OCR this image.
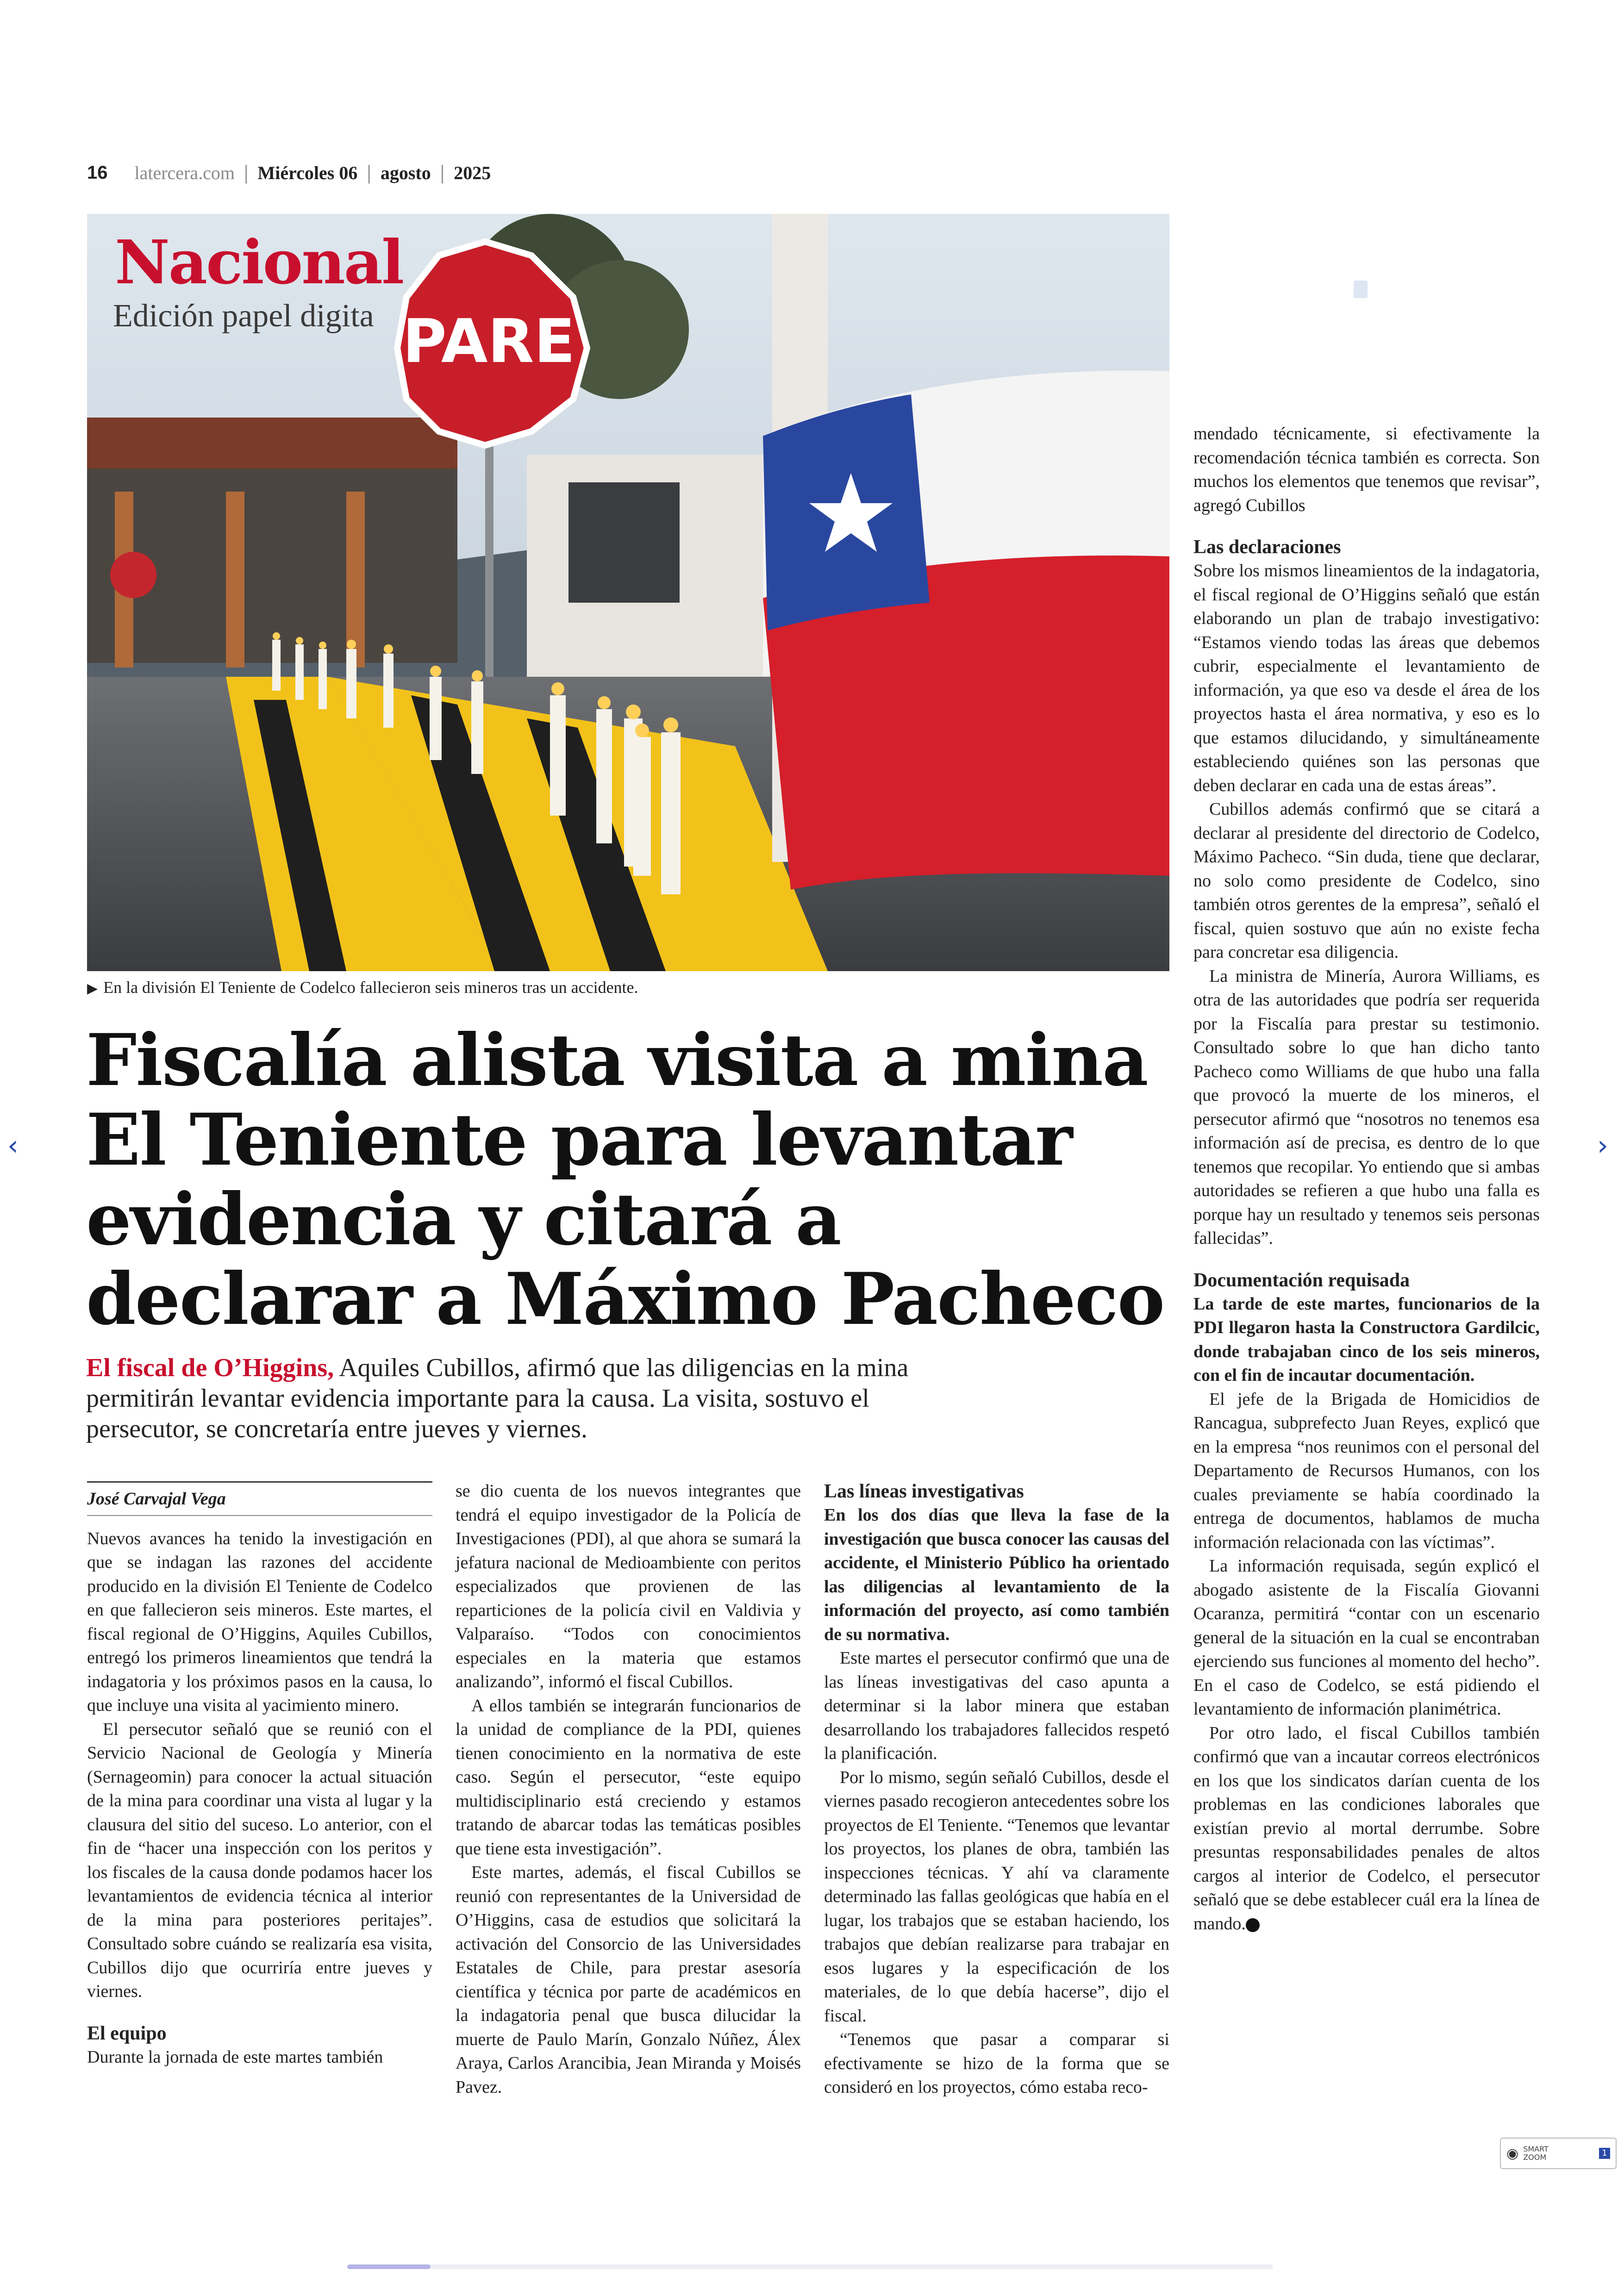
16 latercera.com | Miércoles 06 | agosto | 2025
PARE
Nacional
Edición papel digita
▶ En la división El Teniente de Codelco fallecieron seis mineros tras un accidente.
Fiscalía alista visita a mina
El Teniente para levantar
evidencia y citará a
declarar a Máximo Pacheco
El fiscal de O’Higgins, Aquiles Cubillos, afirmó que las diligencias en la mina permitirán levantar evidencia importante para la causa. La visita, sostuvo el persecutor, se concretaría entre jueves y viernes.
José Carvajal Vega

Nuevos avances ha tenido la investigación en que se indagan las razones del accidente producido en la división El Teniente de Codelco en que fallecieron seis mineros. Este martes, el fiscal regional de O’Higgins, Aquiles Cubillos, entregó los primeros lineamientos que tendrá la indagatoria y los próximos pasos en la causa, lo que incluye una visita al yacimiento minero.

El persecutor señaló que se reunió con el Servicio Nacional de Geología y Minería (Sernageomin) para conocer la actual situación de la mina para coordinar una vista al lugar y la clausura del sitio del suceso. Lo anterior, con el fin de “hacer una inspección con los peritos y los fiscales de la causa donde podamos hacer los levantamientos de evidencia técnica al interior de la mina para posteriores peritajes”. Consultado sobre cuándo se realizaría esa visita, Cubillos dijo que ocurriría entre jueves y viernes.

El equipo

Durante la jornada de este martes también

se dio cuenta de los nuevos integrantes que tendrá el equipo investigador de la Policía de Investigaciones (PDI), al que ahora se sumará la jefatura nacional de Medioambiente con peritos especializados que provienen de las reparticiones de la policía civil en Valdivia y Valparaíso. “Todos con conocimientos especiales en la materia que estamos analizando”, informó el fiscal Cubillos.

A ellos también se integrarán funcionarios de la unidad de compliance de la PDI, quienes tienen conocimiento en la normativa de este caso. Según el persecutor, “este equipo multidisciplinario está creciendo y estamos tratando de abarcar todas las temáticas posibles que tiene esta investigación”.

Este martes, además, el fiscal Cubillos se reunió con representantes de la Universidad de O’Higgins, casa de estudios que solicitará la activación del Consorcio de las Universidades Estatales de Chile, para prestar asesoría científica y técnica por parte de académicos en la indagatoria penal que busca dilucidar la muerte de Paulo Marín, Gonzalo Núñez, Álex Araya, Carlos Arancibia, Jean Miranda y Moisés Pavez.

Las líneas investigativas

En los dos días que lleva la fase de la investigación que busca conocer las causas del accidente, el Ministerio Público ha orientado las diligencias al levantamiento de la información del proyecto, así como también de su normativa.

Este martes el persecutor confirmó que una de las líneas investigativas del caso apunta a determinar si la labor minera que estaban desarrollando los trabajadores fallecidos respetó la planificación.

Por lo mismo, según señaló Cubillos, desde el viernes pasado recogieron antecedentes sobre los proyectos de El Teniente. “Tenemos que levantar los proyectos, los planes de obra, también las inspecciones técnicas. Y ahí va claramente determinado las fallas geológicas que había en el lugar, los trabajos que se estaban haciendo, los trabajos que debían realizarse para trabajar en esos lugares y la especificación de los materiales, de lo que debía hacerse”, dijo el fiscal.

“Tenemos que pasar a comparar si efectivamente se hizo de la forma que se consideró en los proyectos, cómo estaba reco-

mendado técnicamente, si efectivamente la recomendación técnica también es correcta. Son muchos los elementos que tenemos que revisar”, agregó Cubillos

Las declaraciones

Sobre los mismos lineamientos de la indagatoria, el fiscal regional de O’Higgins señaló que están elaborando un plan de trabajo investigativo: “Estamos viendo todas las áreas que debemos cubrir, especialmente el levantamiento de información, ya que eso va desde el área de los proyectos hasta el área normativa, y eso es lo que estamos dilucidando, y simultáneamente estableciendo quiénes son las personas que deben declarar en cada una de estas áreas”.

Cubillos además confirmó que se citará a declarar al presidente del directorio de Codelco, Máximo Pacheco. “Sin duda, tiene que declarar, no solo como presidente de Codelco, sino también otros gerentes de la empresa”, señaló el fiscal, quien sostuvo que aún no existe fecha para concretar esa diligencia.

La ministra de Minería, Aurora Williams, es otra de las autoridades que podría ser requerida por la Fiscalía para prestar su testimonio. Consultado sobre lo que han dicho tanto Pacheco como Williams de que hubo una falla que provocó la muerte de los mineros, el persecutor afirmó que “nosotros no tenemos esa información así de precisa, es dentro de lo que tenemos que recopilar. Yo entiendo que si ambas autoridades se refieren a que hubo una falla es porque hay un resultado y tenemos seis personas fallecidas”.

Documentación requisada

La tarde de este martes, funcionarios de la PDI llegaron hasta la Constructora Gardilcic, donde trabajaban cinco de los seis mineros, con el fin de incautar documentación.

El jefe de la Brigada de Homicidios de Rancagua, subprefecto Juan Reyes, explicó que en la empresa “nos reunimos con el personal del Departamento de Recursos Humanos, con los cuales previamente se había coordinado la entrega de documentos, hablamos de mucha información relacionada con las víctimas”.

La información requisada, según explicó el abogado asistente de la Fiscalía Giovanni Ocaranza, permitirá “contar con un escenario general de la situación en la cual se encontraban ejerciendo sus funciones al momento del hecho”. En el caso de Codelco, se está pidiendo el levantamiento de información planimétrica.

Por otro lado, el fiscal Cubillos también confirmó que van a incautar correos electrónicos en los que los sindicatos darían cuenta de los problemas en las condiciones laborales que existían previo al mortal derrumbe. Sobre presuntas responsabilidades penales de altos cargos al interior de Codelco, el persecutor señaló que se debe establecer cuál era la línea de mando.

‹	›
◉ SMART ZOOM	1
